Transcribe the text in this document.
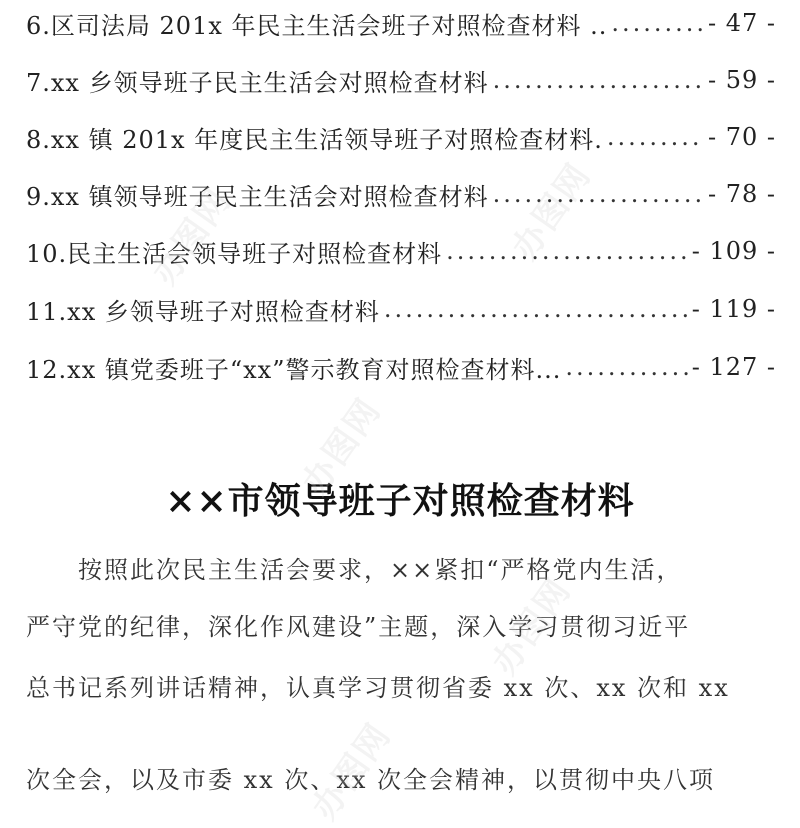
6.区司法局 201x 年民主生活会班子对照检查材料 .. .....	- 47 -
7.xx 乡领导班子民主生活会对照检查材料 .....	- 59 -
8.xx 镇 201x 年度民主生活领导班子对照检查材料. .....	- 70 -
9.xx 镇领导班子民主生活会对照检查材料 .....	- 78 -
10.民主生活会领导班子对照检查材料 .....	- 109 -
11.xx 乡领导班子对照检查材料 .....	- 119 -
12.xx 镇党委班子“xx”警示教育对照检查材料... .....	- 127 -
××市领导班子对照检查材料
　　按照此次民主生活会要求，××紧扣“严格党内生活，
严守党的纪律，深化作风建设”主题，深入学习贯彻习近平
总书记系列讲话精神，认真学习贯彻省委 xx 次、xx 次和 xx
次全会，以及市委 xx 次、xx 次全会精神，以贯彻中央八项
办图网	办图网
办图网
办图网
办图网
